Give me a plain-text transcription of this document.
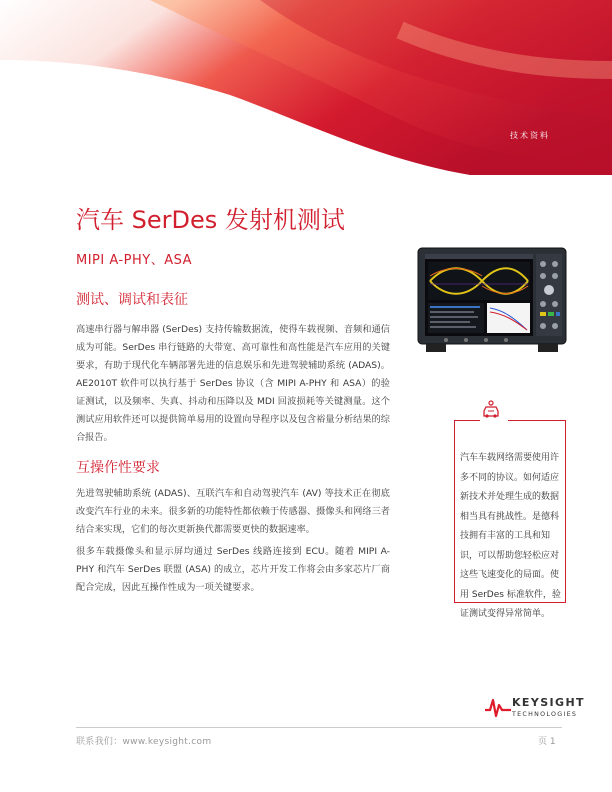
技术资料
汽车 SerDes 发射机测试
MIPI A-PHY、ASA
测试、调试和表征
高速串行器与解串器 (SerDes) 支持传输数据流，使得车载视频、音频和通信成为可能。SerDes 串行链路的大带宽、高可靠性和高性能是汽车应用的关键要求，有助于现代化车辆部署先进的信息娱乐和先进驾驶辅助系统 (ADAS)。AE2010T 软件可以执行基于 SerDes 协议（含 MIPI A-PHY 和 ASA）的验证测试，以及频率、失真、抖动和压降以及 MDI 回波损耗等关键测量。这个测试应用软件还可以提供简单易用的设置向导程序以及包含裕量分析结果的综合报告。
互操作性要求
先进驾驶辅助系统 (ADAS)、互联汽车和自动驾驶汽车 (AV) 等技术正在彻底改变汽车行业的未来。很多新的功能特性都依赖于传感器、摄像头和网络三者结合来实现，它们的每次更新换代都需要更快的数据速率。
很多车载摄像头和显示屏均通过 SerDes 线路连接到 ECU。随着 MIPI A-PHY 和汽车 SerDes 联盟 (ASA) 的成立，芯片开发工作将会由多家芯片厂商配合完成，因此互操作性成为一项关键要求。
汽车车载网络需要使用许多不同的协议。如何适应新技术并处理生成的数据相当具有挑战性。是德科技拥有丰富的工具和知识，可以帮助您轻松应对这些飞速变化的局面。使用 SerDes 标准软件，验证测试变得异常简单。
KEYSIGHT
TECHNOLOGIES
联系我们：www.keysight.com	页 1
